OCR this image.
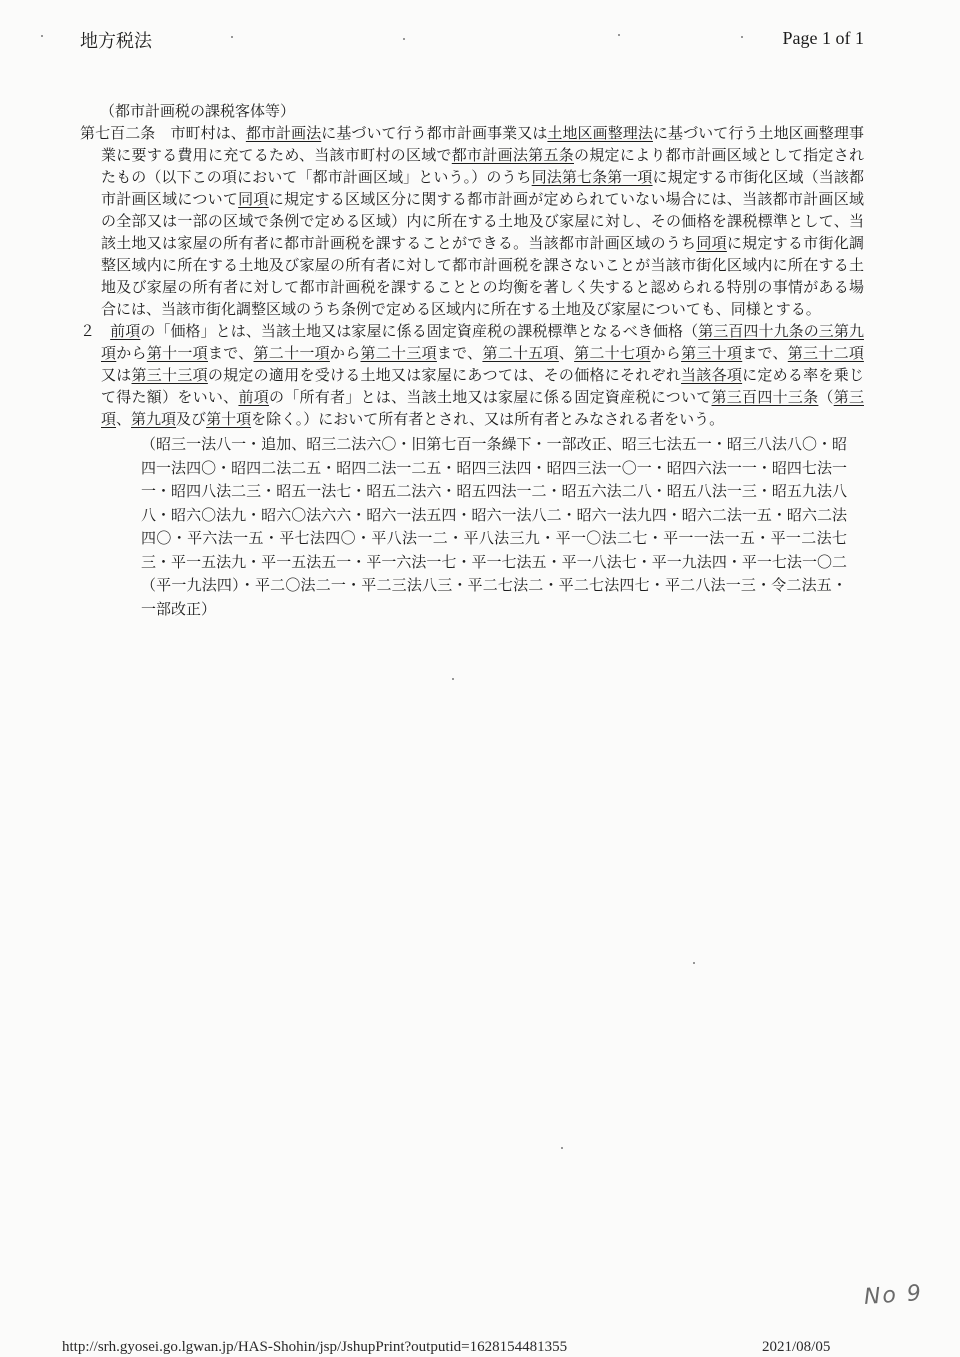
地方税法	Page 1 of 1
（都市計画税の課税客体等）

第七百二条　市町村は、都市計画法に基づいて行う都市計画事業又は土地区画整理法に基づいて行う土地区画整理事業に要する費用に充てるため、当該市町村の区域で都市計画法第五条の規定により都市計画区域として指定されたもの（以下この項において「都市計画区域」という。）のうち同法第七条第一項に規定する市街化区域（当該都市計画区域について同項に規定する区域区分に関する都市計画が定められていない場合には、当該都市計画区域の全部又は一部の区域で条例で定める区域）内に所在する土地及び家屋に対し、その価格を課税標準として、当該土地又は家屋の所有者に都市計画税を課することができる。当該都市計画区域のうち同項に規定する市街化調整区域内に所在する土地及び家屋の所有者に対して都市計画税を課さないことが当該市街化区域内に所在する土地及び家屋の所有者に対して都市計画税を課することとの均衡を著しく失すると認められる特別の事情がある場合には、当該市街化調整区域のうち条例で定める区域内に所在する土地及び家屋についても、同様とする。

２　前項の「価格」とは、当該土地又は家屋に係る固定資産税の課税標準となるべき価格（第三百四十九条の三第九項から第十一項まで、第二十一項から第二十三項まで、第二十五項、第二十七項から第三十項まで、第三十二項又は第三十三項の規定の適用を受ける土地又は家屋にあつては、その価格にそれぞれ当該各項に定める率を乗じて得た額）をいい、前項の「所有者」とは、当該土地又は家屋に係る固定資産税について第三百四十三条（第三項、第九項及び第十項を除く。）において所有者とされ、又は所有者とみなされる者をいう。

（昭三一法八一・追加、昭三二法六〇・旧第七百一条繰下・一部改正、昭三七法五一・昭三八法八〇・昭四一法四〇・昭四二法二五・昭四二法一二五・昭四三法四・昭四三法一〇一・昭四六法一一・昭四七法一一・昭四八法二三・昭五一法七・昭五二法六・昭五四法一二・昭五六法二八・昭五八法一三・昭五九法八八・昭六〇法九・昭六〇法六六・昭六一法五四・昭六一法八二・昭六一法九四・昭六二法一五・昭六二法四〇・平六法一五・平七法四〇・平八法一二・平八法三九・平一〇法二七・平一一法一五・平一二法七三・平一五法九・平一五法五一・平一六法一七・平一七法五・平一八法七・平一九法四・平一七法一〇二（平一九法四）・平二〇法二一・平二三法八三・平二七法二・平二七法四七・平二八法一三・令二法五・一部改正）
No 9
http://srh.gyosei.go.lgwan.jp/HAS-Shohin/jsp/JshupPrint?outputid=1628154481355	2021/08/05
